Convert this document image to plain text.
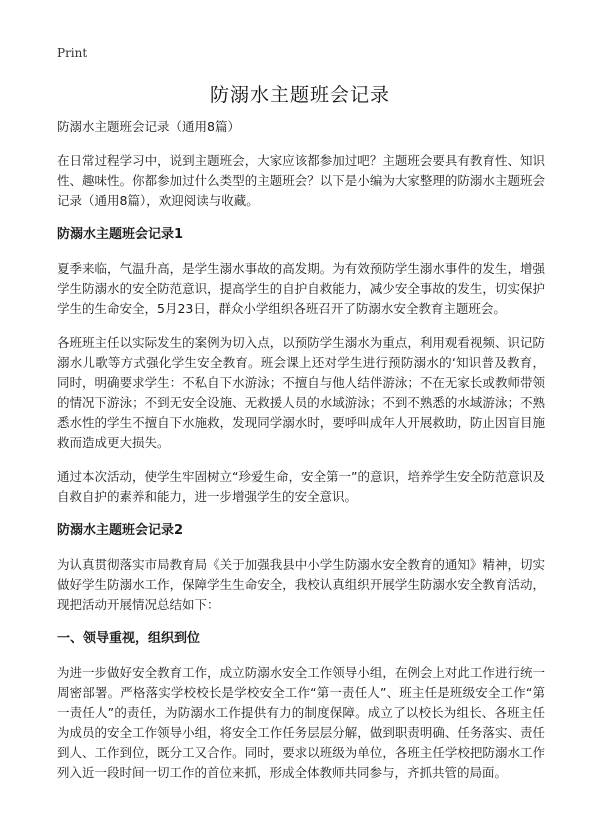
Print
防溺水主题班会记录

防溺水主题班会记录（通用8篇）

在日常过程学习中，说到主题班会，大家应该都参加过吧？主题班会要具有教育性、知识性、趣味性。你都参加过什么类型的主题班会？以下是小编为大家整理的防溺水主题班会记录（通用8篇），欢迎阅读与收藏。

防溺水主题班会记录1

夏季来临，气温升高，是学生溺水事故的高发期。为有效预防学生溺水事件的发生，增强学生防溺水的安全防范意识，提高学生的自护自救能力，减少安全事故的发生，切实保护学生的生命安全，5月23日，群众小学组织各班召开了防溺水安全教育主题班会。

各班班主任以实际发生的案例为切入点，以预防学生溺水为重点，利用观看视频、识记防溺水儿歌等方式强化学生安全教育。班会课上还对学生进行预防溺水的‘知识普及教育，同时，明确要求学生：不私自下水游泳；不擅自与他人结伴游泳；不在无家长或教师带领的情况下游泳；不到无安全设施、无救援人员的水域游泳；不到不熟悉的水域游泳；不熟悉水性的学生不擅自下水施救，发现同学溺水时，要呼叫成年人开展救助，防止因盲目施救而造成更大损失。

通过本次活动，使学生牢固树立“珍爱生命，安全第一”的意识，培养学生安全防范意识及自救自护的素养和能力，进一步增强学生的安全意识。

防溺水主题班会记录2

为认真贯彻落实市局教育局《关于加强我县中小学生防溺水安全教育的通知》精神，切实做好学生防溺水工作，保障学生生命安全，我校认真组织开展学生防溺水安全教育活动，现把活动开展情况总结如下：

一、领导重视，组织到位

为进一步做好安全教育工作，成立防溺水安全工作领导小组，在例会上对此工作进行统一周密部署。严格落实学校校长是学校安全工作“第一责任人”、班主任是班级安全工作“第一责任人”的责任，为防溺水工作提供有力的制度保障。成立了以校长为组长、各班主任为成员的安全工作领导小组，将安全工作任务层层分解，做到职责明确、任务落实、责任到人、工作到位，既分工又合作。同时，要求以班级为单位，各班主任学校把防溺水工作列入近一段时间一切工作的首位来抓，形成全体教师共同参与，齐抓共管的局面。
